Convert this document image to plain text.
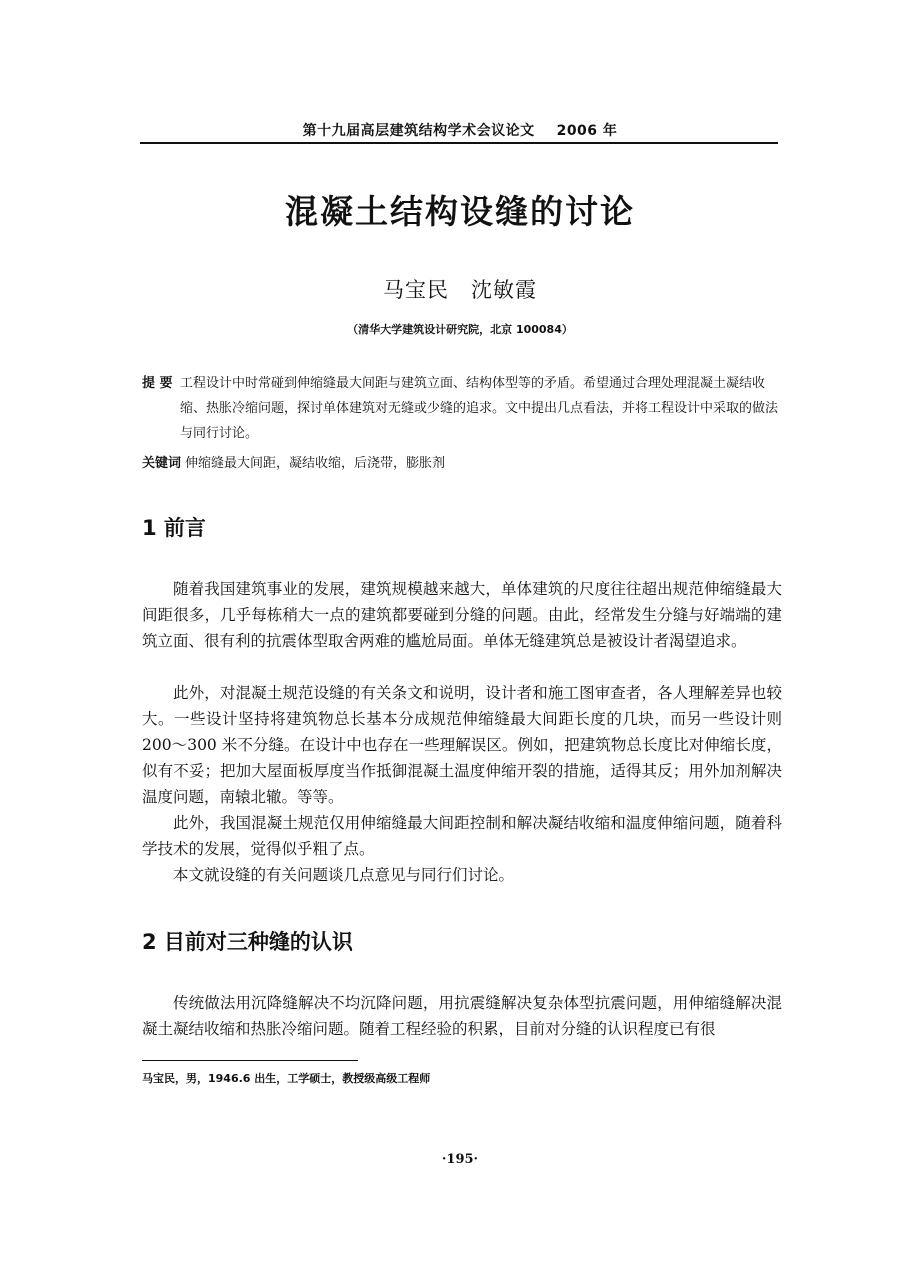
第十九届高层建筑结构学术会议论文 2006 年
混凝土结构设缝的讨论
马宝民 沈敏霞
（清华大学建筑设计研究院，北京 100084）
提 要 工程设计中时常碰到伸缩缝最大间距与建筑立面、结构体型等的矛盾。希望通过合理处理混凝土凝结收缩、热胀冷缩问题，探讨单体建筑对无缝或少缝的追求。文中提出几点看法，并将工程设计中采取的做法与同行讨论。
关键词 伸缩缝最大间距，凝结收缩，后浇带，膨胀剂
1 前言

随着我国建筑事业的发展，建筑规模越来越大，单体建筑的尺度往往超出规范伸缩缝最大间距很多，几乎每栋稍大一点的建筑都要碰到分缝的问题。由此，经常发生分缝与好端端的建筑立面、很有利的抗震体型取舍两难的尴尬局面。单体无缝建筑总是被设计者渴望追求。

此外，对混凝土规范设缝的有关条文和说明，设计者和施工图审查者，各人理解差异也较大。一些设计坚持将建筑物总长基本分成规范伸缩缝最大间距长度的几块，而另一些设计则 200～300 米不分缝。在设计中也存在一些理解误区。例如，把建筑物总长度比对伸缩长度，似有不妥；把加大屋面板厚度当作抵御混凝土温度伸缩开裂的措施，适得其反；用外加剂解决温度问题，南辕北辙。等等。

此外，我国混凝土规范仅用伸缩缝最大间距控制和解决凝结收缩和温度伸缩问题，随着科学技术的发展，觉得似乎粗了点。

本文就设缝的有关问题谈几点意见与同行们讨论。

2 目前对三种缝的认识

传统做法用沉降缝解决不均沉降问题，用抗震缝解决复杂体型抗震问题，用伸缩缝解决混凝土凝结收缩和热胀冷缩问题。随着工程经验的积累，目前对分缝的认识程度已有很

马宝民，男，1946.6 出生，工学硕士，教授级高级工程师
·195·
